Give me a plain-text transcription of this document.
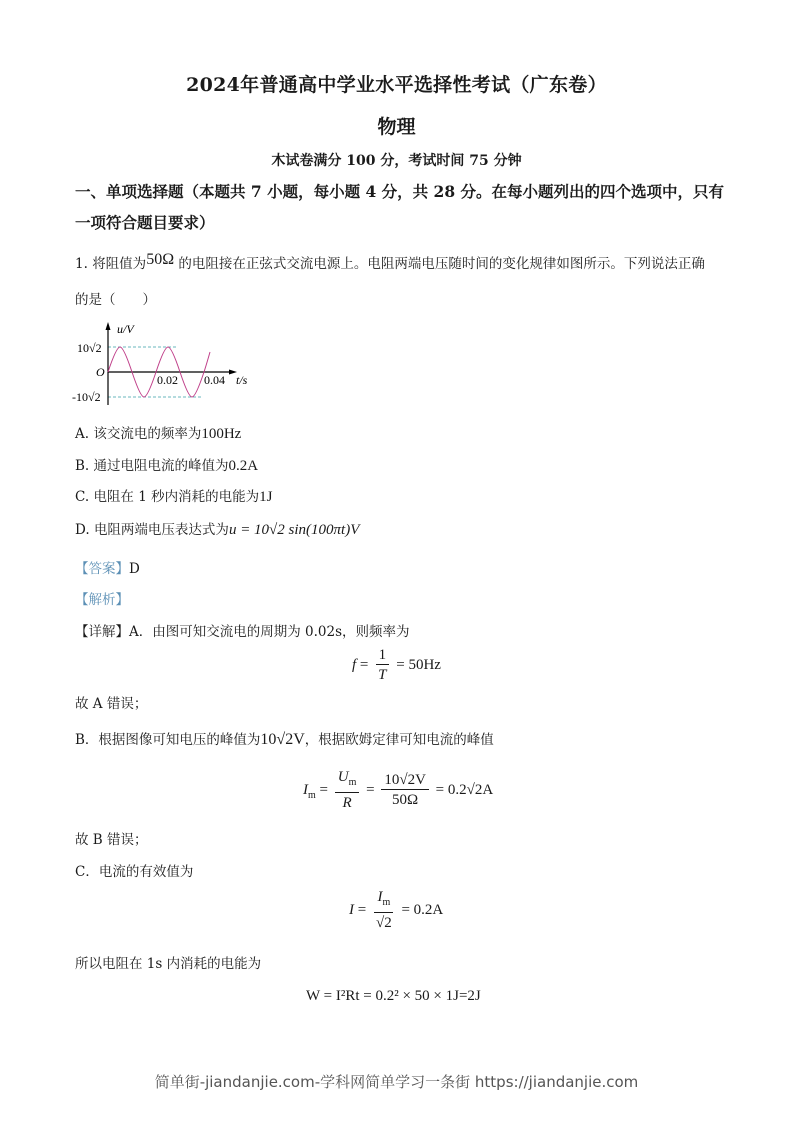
2024年普通高中学业水平选择性考试（广东卷）
物理
木试卷满分 100 分，考试时间 75 分钟
一、单项选择题（本题共 7 小题，每小题 4 分，共 28 分。在每小题列出的四个选项中，只有
一项符合题目要求）
1. 将阻值为50Ω 的电阻接在正弦式交流电源上。电阻两端电压随时间的变化规律如图所示。下列说法正确
的是（　　）
u/V
10√2
O
-10√2
0.02 0.04 t/s
A. 该交流电的频率为100Hz
B. 通过电阻电流的峰值为0.2A
C. 电阻在 1 秒内消耗的电能为1J
D. 电阻两端电压表达式为u = 10√2 sin(100πt)V
【答案】D
【解析】
【详解】A．由图可知交流电的周期为 0.02s，则频率为
$f = \frac{1}{T} = 50Hz$
故 A 错误；
B．根据图像可知电压的峰值为10√2V，根据欧姆定律可知电流的峰值
$I_m = \frac{U_m}{R} = \frac{10√2V}{50\Omega} = 0.2√2A$
故 B 错误；
C．电流的有效值为
$I = \frac{I_m}{√2} = 0.2A$
所以电阻在 1s 内消耗的电能为
W = I²Rt = 0.2² × 50 × 1J=2J
简单街-jiandanjie.com-学科网简单学习一条街 https://jiandanjie.com
